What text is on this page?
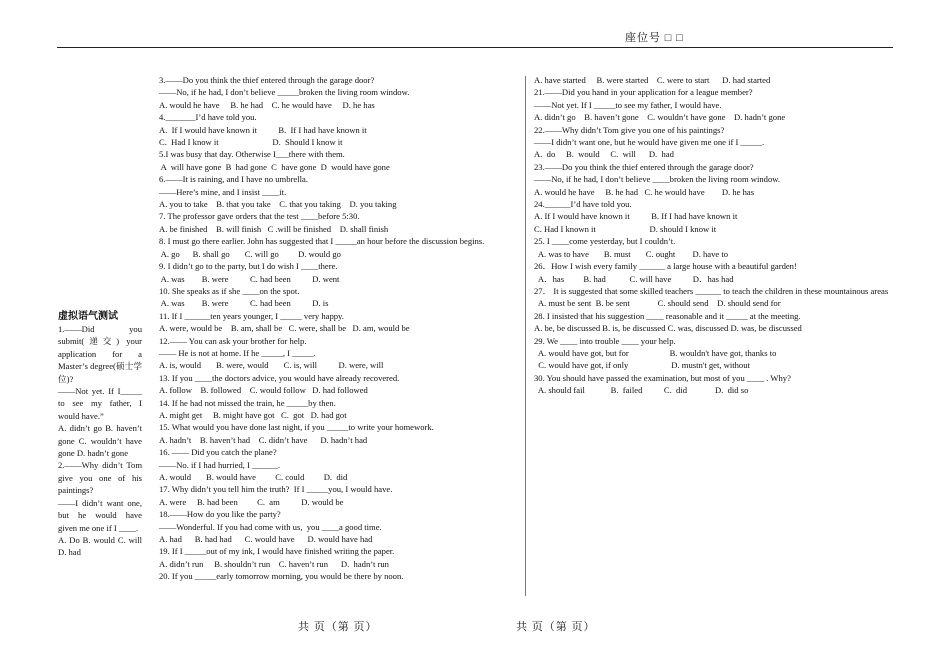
座位号 □ □

虚拟语气测试

1.——Did you submit(递交) your application for a Master’s degree(硕士学位)?

——Not yet. If I_____ to see my father, I would have.”

A. didn’t go B. haven’t gone C. wouldn’t have gone D. hadn’t gone

2.——Why didn’t Tom give you one of his paintings?

——I didn’t want one, but he would have given me one if I ____.

A. Do B. would C. will D. had

3.——Do you think the thief entered through the garage door?

——No, if he had, I don’t believe _____broken the living room window.

A. would he have     B. he had    C. he would have     D. he has

4._______I’d have told you.

A.  If I would have known it          B.  If I had have known it

C.  Had I know it                         D.  Should I know it

5.I was busy that day. Otherwise I___there with them.

A  will have gone  B  had gone  C  have gone  D  would have gone

6.——It is raining, and I have no umbrella.

——Here’s mine, and I insist ____it.

A. you to take    B. that you take    C. that you taking    D. you taking

7. The professor gave orders that the test ____before 5:30.

A. be finished    B. will finish   C .will be finished    D. shall finish

8. I must go there earlier. John has suggested that I _____an hour before the discussion begins.

A. go      B. shall go       C. will go         D. would go

9. I didn’t go to the party, but I do wish I ____there.

A. was        B. were          C. had been          D. went

10. She speaks as if she ____on the spot.

A. was        B. were          C. had been          D. is

11. If I ______ten years younger, I _____ very happy.

A. were, would be    B. am, shall be   C. were, shall be   D. am, would be

12.—— You can ask your brother for help.

—— He is not at home. If he _____, I _____.

A. is, would       B. were, would       C. is, will          D. were, will

13. If you ____the doctors advice, you would have already recovered.

A. follow    B. followed    C. would follow   D. had followed

14. If he had not missed the train, he _____by then.

A. might get     B. might have got   C.  got   D. had got

15. What would you have done last night, if you _____to write your homework.

A. hadn’t    B. haven’t had    C. didn’t have      D. hadn’t had

16. —— Did you catch the plane?

——No. if I had hurried, I ______.

A. would       B. would have         C. could         D.  did

17. Why didn’t you tell him the truth?  If I _____you, I would have.

A. were     B. had been         C.  am          D. would be

18.——How do you like the party?

——Wonderful. If you had come with us,  you ____a good time.

A. had      B. had had      C. would have      D. would have had

19. If I _____out of my ink, I would have finished writing the paper.

A. didn’t run     B. shouldn’t run    C. haven’t run      D.  hadn’t run

20. If you _____early tomorrow morning, you would be there by noon.

A. have started     B. were started    C. were to start      D. had started

21.——Did you hand in your application for a league member?

——Not yet. If I _____to see my father, I would have.

A. didn’t go    B. haven’t gone    C. wouldn’t have gone    D. hadn’t gone

22.——Why didn’t Tom give you one of his paintings?

——I didn’t want one, but he would have given me one if I _____.

A.  do     B.  would     C.  will      D.  had

23.——Do you think the thief entered through the garage door?

——No, if he had, I don’t believe ____broken the living room window.

A. would he have     B. he had   C. he would have        D. he has

24.______I’d have told you.

A. If I would have known it          B. If I had have known it

C. Had I known it                         D. should I know it

25. I ____come yesterday, but I couldn’t.

A. was to have       B. must       C. ought        D. have to

26．How I wish every family ______ a large house with a beautiful garden!

A．has         B. had           C. will have          D．has had

27． It is suggested that some skilled teachers ______ to teach the children in these mountainous areas

A. must be sent  B. be sent             C. should send    D. should send for

28. I insisted that his suggestion ____ reasonable and it _____ at the meeting.

A. be, be discussed B. is, be discussed C. was, discussed D. was, be discussed

29. We ____ into trouble ____ your help.

A. would have got, but for                   B. wouldn't have got, thanks to

C. would have got, if only                    D. mustn't get, without

30. You should have passed the examination, but most of you ____ . Why?

A. should fail            B.  failed          C.  did             D.  did so

共 页（第 页）	共 页（第 页）
